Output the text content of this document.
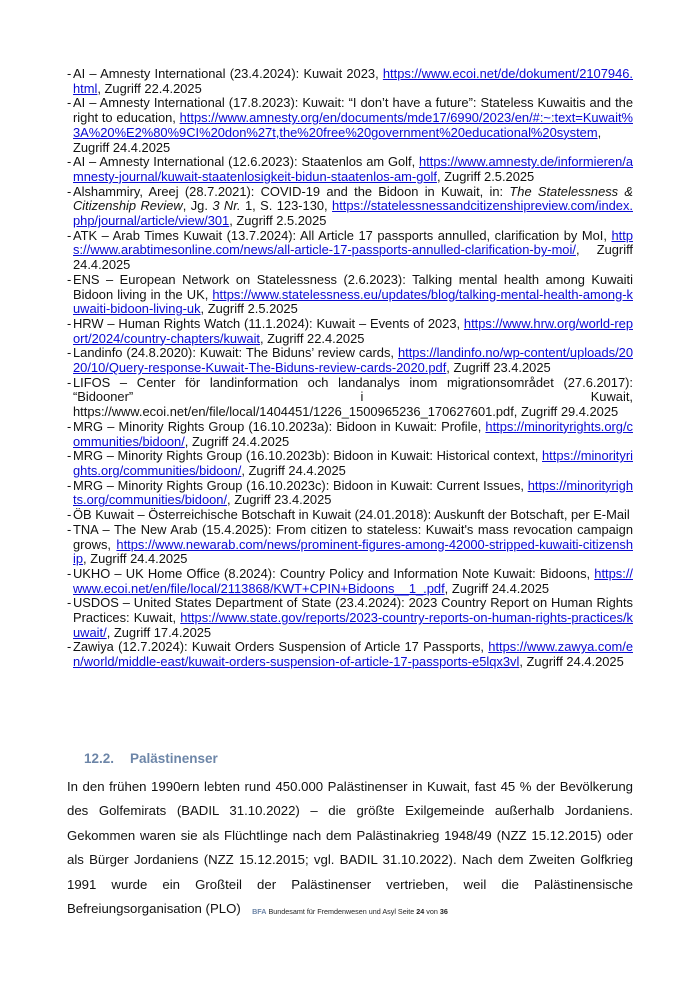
- AI – Amnesty International (23.4.2024): Kuwait 2023, https://www.ecoi.net/de/dokument/2107946.html, Zugriff 22.4.2025
- AI – Amnesty International (17.8.2023): Kuwait: “I don’t have a future”: Stateless Kuwaitis and the right to education, https://www.amnesty.org/en/documents/mde17/6990/2023/en/#:~:text=Kuwait%3A%20%E2%80%9CI%20don%27t,the%20free%20government%20educational%20system, Zugriff 24.4.2025
- AI – Amnesty International (12.6.2023): Staatenlos am Golf, https://www.amnesty.de/informieren/amnesty-journal/kuwait-staatenlosigkeit-bidun-staatenlos-am-golf, Zugriff 2.5.2025
- Alshammiry, Areej (28.7.2021): COVID-19 and the Bidoon in Kuwait, in: The Statelessness & Citizenship Review, Jg. 3 Nr. 1, S. 123-130, https://statelessnessandcitizenshipreview.com/index.php/journal/article/view/301, Zugriff 2.5.2025
- ATK – Arab Times Kuwait (13.7.2024): All Article 17 passports annulled, clarification by MoI, https://www.arabtimesonline.com/news/all-article-17-passports-annulled-clarification-by-moi/, Zugriff 24.4.2025
- ENS – European Network on Statelessness (2.6.2023): Talking mental health among Kuwaiti Bidoon living in the UK, https://www.statelessness.eu/updates/blog/talking-mental-health-among-kuwaiti-bidoon-living-uk, Zugriff 2.5.2025
- HRW – Human Rights Watch (11.1.2024): Kuwait – Events of 2023, https://www.hrw.org/world-report/2024/country-chapters/kuwait, Zugriff 22.4.2025
- Landinfo (24.8.2020): Kuwait: The Biduns’ review cards, https://landinfo.no/wp-content/uploads/2020/10/Query-response-Kuwait-The-Biduns-review-cards-2020.pdf, Zugriff 23.4.2025
- LIFOS – Center för landinformation och landanalys inom migrationsområdet (27.6.2017): “Bidooner” i Kuwait, https://www.ecoi.net/en/file/local/1404451/1226_1500965236_170627601.pdf, Zugriff 29.4.2025
- MRG – Minority Rights Group (16.10.2023a): Bidoon in Kuwait: Profile, https://minorityrights.org/communities/bidoon/, Zugriff 24.4.2025
- MRG – Minority Rights Group (16.10.2023b): Bidoon in Kuwait: Historical context, https://minorityrights.org/communities/bidoon/, Zugriff 24.4.2025
- MRG – Minority Rights Group (16.10.2023c): Bidoon in Kuwait: Current Issues, https://minorityrights.org/communities/bidoon/, Zugriff 23.4.2025
- ÖB Kuwait – Österreichische Botschaft in Kuwait (24.01.2018): Auskunft der Botschaft, per E-Mail
- TNA – The New Arab (15.4.2025): From citizen to stateless: Kuwait's mass revocation campaign grows, https://www.newarab.com/news/prominent-figures-among-42000-stripped-kuwaiti-citizenship, Zugriff 24.4.2025
- UKHO – UK Home Office (8.2024): Country Policy and Information Note Kuwait: Bidoons, https://www.ecoi.net/en/file/local/2113868/KWT+CPIN+Bidoons__1_.pdf, Zugriff 24.4.2025
- USDOS – United States Department of State (23.4.2024): 2023 Country Report on Human Rights Practices: Kuwait, https://www.state.gov/reports/2023-country-reports-on-human-rights-practices/kuwait/, Zugriff 17.4.2025
- Zawiya (12.7.2024): Kuwait Orders Suspension of Article 17 Passports, https://www.zawya.com/en/world/middle-east/kuwait-orders-suspension-of-article-17-passports-e5lqx3vl, Zugriff 24.4.2025
12.2. Palästinenser

In den frühen 1990ern lebten rund 450.000 Palästinenser in Kuwait, fast 45 % der Bevölkerung des Golfemirats (BADIL 31.10.2022) – die größte Exilgemeinde außerhalb Jordaniens. Gekommen waren sie als Flüchtlinge nach dem Palästinakrieg 1948/49 (NZZ 15.12.2015) oder als Bürger Jordaniens (NZZ 15.12.2015; vgl. BADIL 31.10.2022). Nach dem Zweiten Golfkrieg 1991 wurde ein Großteil der Palästinenser vertrieben, weil die Palästinensische Befreiungsorganisation (PLO)	BFA Bundesamt für Fremdenwesen und Asyl Seite 24 von 36
